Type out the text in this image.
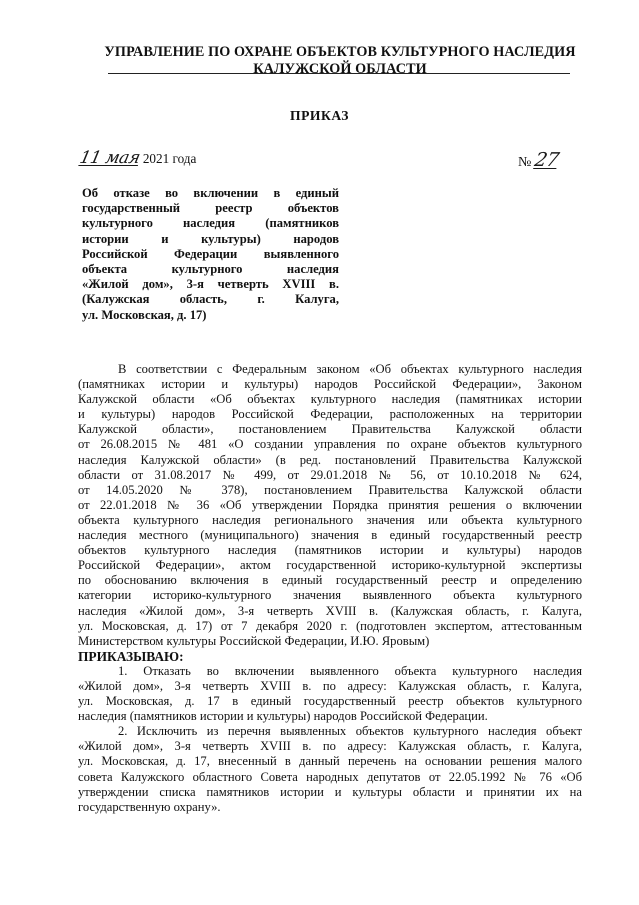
УПРАВЛЕНИЕ ПО ОХРАНЕ ОБЪЕКТОВ КУЛЬТУРНОГО НАСЛЕДИЯ
КАЛУЖСКОЙ ОБЛАСТИ
ПРИКАЗ
11 мая 2021 года	№ 27
Об отказе во включении в единый
государственный реестр объектов
культурного наследия (памятников
истории и культуры) народов
Российской Федерации выявленного
объекта культурного наследия
«Жилой дом», 3-я четверть XVIII в.
(Калужская область, г. Калуга,
ул. Московская, д. 17)
В соответствии с Федеральным законом «Об объектах культурного наследия
(памятниках истории и культуры) народов Российской Федерации», Законом
Калужской области «Об объектах культурного наследия (памятниках истории
и культуры) народов Российской Федерации, расположенных на территории
Калужской области», постановлением Правительства Калужской области
от 26.08.2015 № 481 «О создании управления по охране объектов культурного
наследия Калужской области» (в ред. постановлений Правительства Калужской
области от 31.08.2017 № 499, от 29.01.2018 № 56, от 10.10.2018 № 624,
от 14.05.2020 № 378), постановлением Правительства Калужской области
от 22.01.2018 № 36 «Об утверждении Порядка принятия решения о включении
объекта культурного наследия регионального значения или объекта культурного
наследия местного (муниципального) значения в единый государственный реестр
объектов культурного наследия (памятников истории и культуры) народов
Российской Федерации», актом государственной историко-культурной экспертизы
по обоснованию включения в единый государственный реестр и определению
категории историко-культурного значения выявленного объекта культурного
наследия «Жилой дом», 3-я четверть XVIII в. (Калужская область, г. Калуга,
ул. Московская, д. 17) от 7 декабря 2020 г. (подготовлен экспертом, аттестованным
Министерством культуры Российской Федерации, И.Ю. Яровым)
ПРИКАЗЫВАЮ:
1. Отказать во включении выявленного объекта культурного наследия
«Жилой дом», 3-я четверть XVIII в. по адресу: Калужская область, г. Калуга,
ул. Московская, д. 17 в единый государственный реестр объектов культурного
наследия (памятников истории и культуры) народов Российской Федерации.
2. Исключить из перечня выявленных объектов культурного наследия объект
«Жилой дом», 3-я четверть XVIII в. по адресу: Калужская область, г. Калуга,
ул. Московская, д. 17, внесенный в данный перечень на основании решения малого
совета Калужского областного Совета народных депутатов от 22.05.1992 № 76 «Об
утверждении списка памятников истории и культуры области и принятии их на
государственную охрану».
